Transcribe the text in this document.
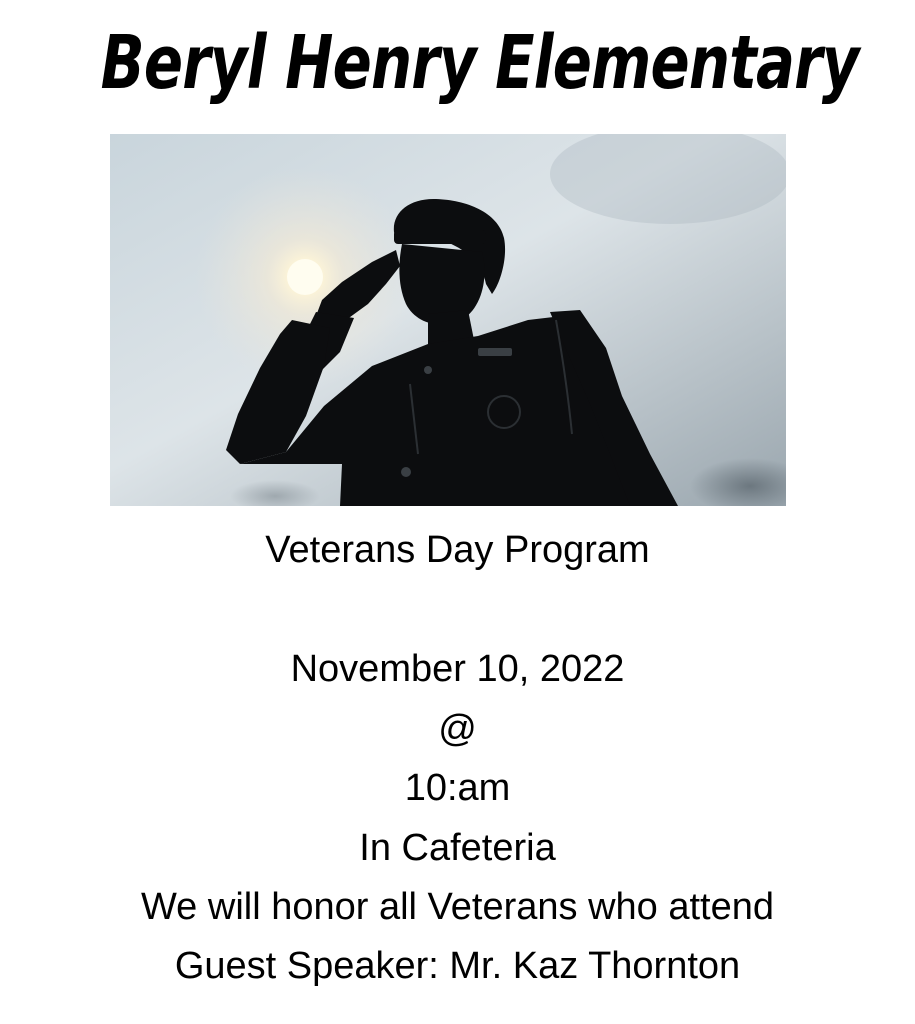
Beryl Henry Elementary
Veterans Day Program
November 10, 2022
@
10:am
In Cafeteria
We will honor all Veterans who attend
Guest Speaker: Mr. Kaz Thornton
